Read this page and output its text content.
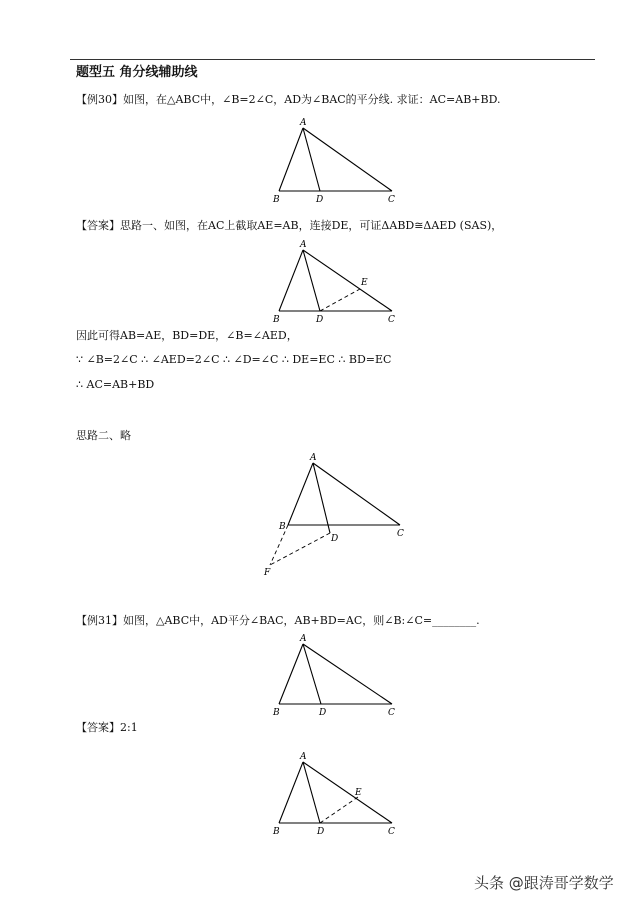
题型五 角分线辅助线
【例30】如图，在△ABC中，∠B=2∠C，AD为∠BAC的平分线. 求证：AC=AB+BD.
A
B	D	C
【答案】思路一、如图，在AC上截取AE=AB，连接DE，可证ΔABD≅ΔAED (SAS)，
A
E
B	D	C
因此可得AB=AE，BD=DE，∠B=∠AED，
∵ ∠B=2∠C ∴ ∠AED=2∠C ∴ ∠D=∠C ∴ DE=EC ∴ BD=EC
∴ AC=AB+BD
思路二、略
A
B
D	C
F
【例31】如图，△ABC中，AD平分∠BAC，AB+BD=AC，则∠B:∠C=________.
A
B	D	C
【答案】2:1
A
E
B	D	C
头条 @跟涛哥学数学
